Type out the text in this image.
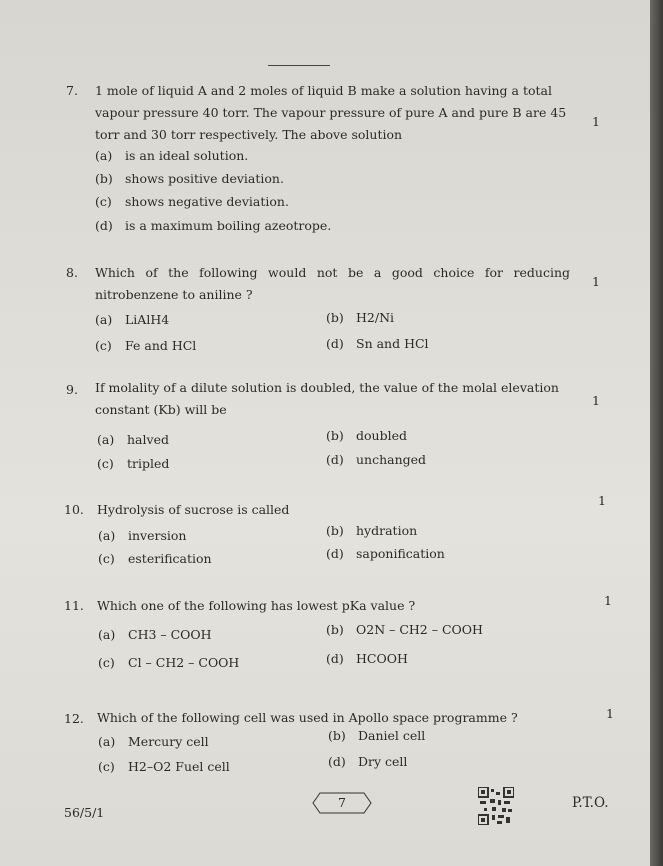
7. 1 mole of liquid A and 2 moles of liquid B make a solution having a total vapour pressure 40 torr. The vapour pressure of pure A and pure B are 45 torr and 30 torr respectively. The above solution
1
(a) is an ideal solution.
(b) shows positive deviation.
(c) shows negative deviation.
(d) is a maximum boiling azeotrope.
8. Which of the following would not be a good choice for reducing nitrobenzene to aniline ?
1
(a) LiAlH4	(b) H2/Ni
(c) Fe and HCl	(d) Sn and HCl
9. If molality of a dilute solution is doubled, the value of the molal elevation constant (Kb) will be
1
(a) halved	(b) doubled
(c) tripled	(d) unchanged
10. Hydrolysis of sucrose is called
1
(a) inversion	(b) hydration
(c) esterification	(d) saponification
11. Which one of the following has lowest pKa value ?	1
(a) CH3 – COOH	(b) O2N – CH2 – COOH
(c) Cl – CH2 – COOH	(d) HCOOH
12. Which of the following cell was used in Apollo space programme ?	1
(a) Mercury cell	(b) Daniel cell
(c) H2–O2 Fuel cell	(d) Dry cell
56/5/1
7	P.T.O.
